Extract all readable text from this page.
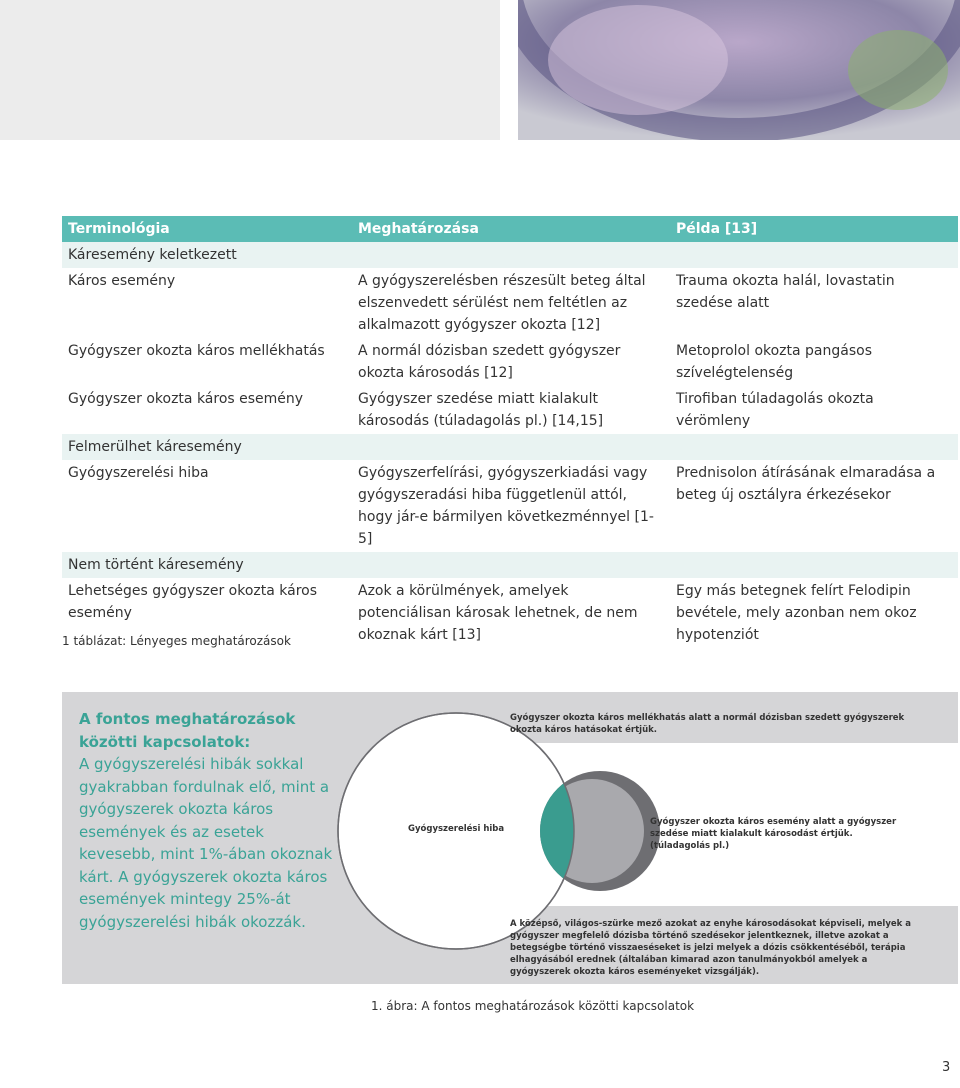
Terminológia	Meghatározása	Példa [13]
Káresemény keletkezett		
Káros esemény	A gyógyszerelésben részesült beteg által elszenvedett sérülést nem feltétlen az alkalmazott gyógyszer okozta [12]	Trauma okozta halál, lovastatin szedése alatt
Gyógyszer okozta káros mellékhatás	A normál dózisban szedett gyógyszer okozta károsodás [12]	Metoprolol okozta pangásos szívelégtelenség
Gyógyszer okozta káros esemény	Gyógyszer szedése miatt kialakult károsodás (túladagolás pl.) [14,15]	Tirofiban túladagolás okozta vérömleny
Felmerülhet káresemény		
Gyógyszerelési hiba	Gyógyszerfelírási, gyógyszerkiadási vagy gyógyszeradási hiba függetlenül attól, hogy jár-e bármilyen következménnyel [1-5]	Prednisolon átírásának elmaradása a beteg új osztályra érkezésekor
Nem történt káresemény		
Lehetséges gyógyszer okozta káros esemény	Azok a körülmények, amelyek potenciálisan károsak lehetnek, de nem okoznak kárt [13]	Egy más betegnek felírt Felodipin bevétele, mely azonban nem okoz hypotenziót
1 táblázat: Lényeges meghatározások
A fontos meghatározások közötti kapcsolatok:
A gyógyszerelési hibák sokkal gyakrabban fordulnak elő, mint a gyógyszerek okozta káros események és az esetek kevesebb, mint 1%-ában okoznak kárt. A gyógyszerek okozta káros események mintegy 25%-át gyógyszerelési hibák okozzák.
Gyógyszer okozta káros mellékhatás alatt a normál dózisban szedett gyógyszerek okozta káros hatásokat értjük.
Gyógyszerelési hiba
Gyógyszer okozta káros esemény alatt a gyógyszer szedése miatt kialakult károsodást értjük. (túladagolás pl.)
A középső, világos-szürke mező azokat az enyhe károsodásokat képviseli, melyek a gyógyszer megfelelő dózisba történő szedésekor jelentkeznek, illetve azokat a betegségbe történő visszaeséseket is jelzi melyek a dózis csökkentéséből, terápia elhagyásából erednek (általában kimarad azon tanulmányokból amelyek a gyógyszerek okozta káros eseményeket vizsgálják).
1. ábra: A fontos meghatározások közötti kapcsolatok
3
